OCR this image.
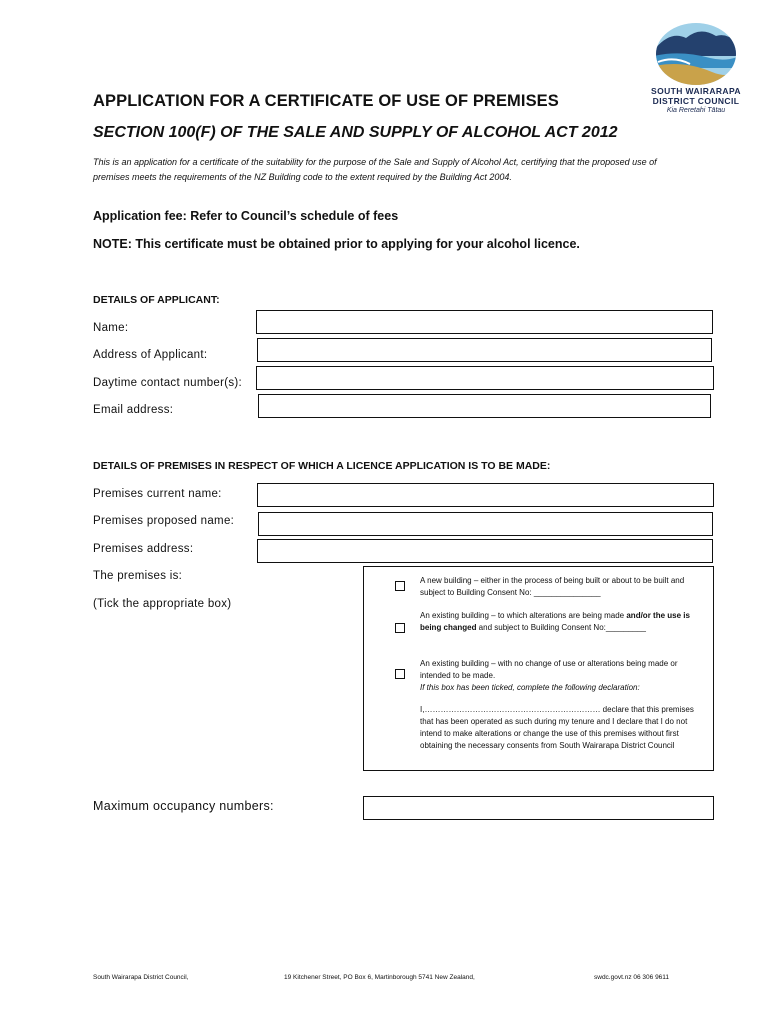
SOUTH WAIRARAPA
DISTRICT COUNCIL
Kia Reretahi Tātau
APPLICATION FOR A CERTIFICATE OF USE OF PREMISES
SECTION 100(F) OF THE SALE AND SUPPLY OF ALCOHOL ACT 2012
This is an application for a certificate of the suitability for the purpose of the Sale and Supply of Alcohol Act, certifying that the proposed use of premises meets the requirements of the NZ Building code to the extent required by the Building Act 2004.
Application fee: Refer to Council’s schedule of fees
NOTE: This certificate must be obtained prior to applying for your alcohol licence.
DETAILS OF APPLICANT:
Name:
Address of Applicant:
Daytime contact number(s):
Email address:
DETAILS OF PREMISES IN RESPECT OF WHICH A LICENCE APPLICATION IS TO BE MADE:
Premises current name:
Premises proposed name:
Premises address:
The premises is:
(Tick the appropriate box)
A new building – either in the process of being built or about to be built and subject to Building Consent No: _______________
An existing building – to which alterations are being made and/or the use is being changed and subject to Building Consent No:_________
An existing building – with no change of use or alterations being made or intended to be made.
If this box has been ticked, complete the following declaration:
I,………………………………………………………… declare that this premises that has been operated as such during my tenure and I declare that I do not intend to make alterations or change the use of this premises without first obtaining the necessary consents from South Wairarapa District Council
Maximum occupancy numbers:
South Wairarapa District Council,	19 Kitchener Street, PO Box 6, Martinborough 5741 New Zealand,	swdc.govt.nz 06 306 9611
